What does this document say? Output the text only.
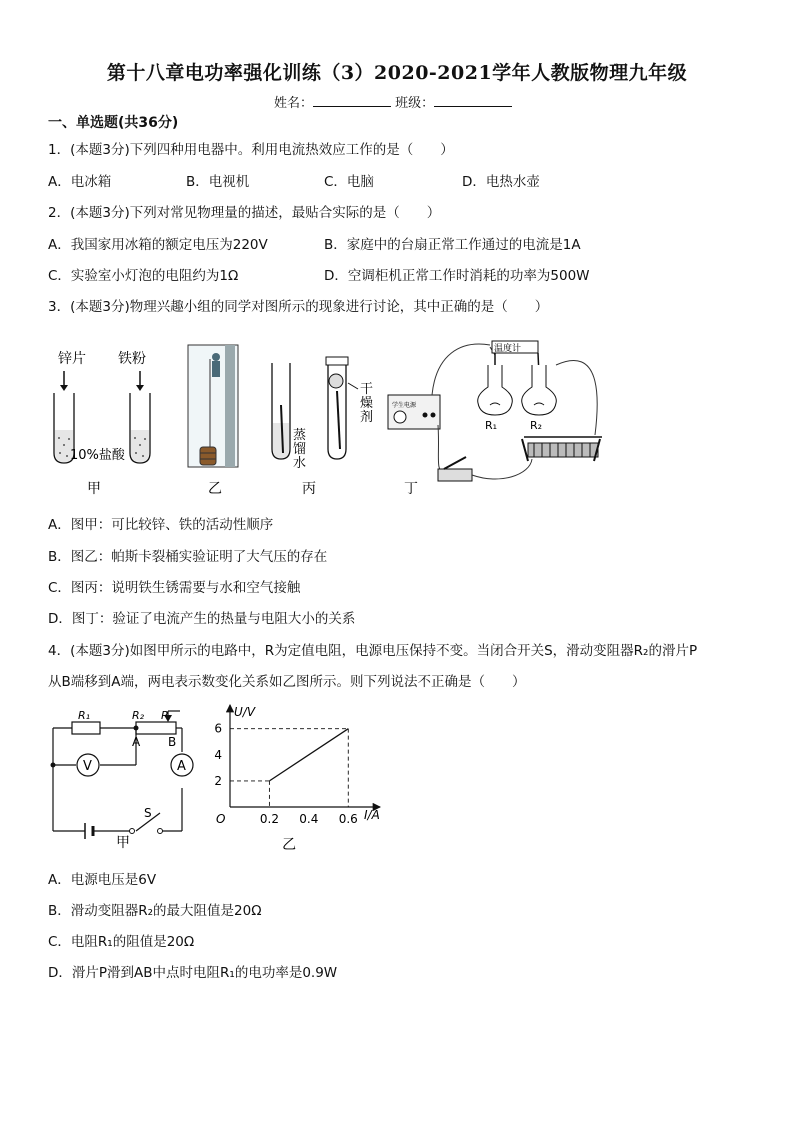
第十八章电功率强化训练（3）2020-2021学年人教版物理九年级
姓名：	班级：
一、单选题(共36分)
1．(本题3分)下列四种用电器中。利用电流热效应工作的是（　　）
A．电冰箱	B．电视机	C．电脑	D．电热水壶
2．(本题3分)下列对常见物理量的描述，最贴合实际的是（　　）
A．我国家用冰箱的额定电压为220V	B．家庭中的台扇正常工作通过的电流是1A
C．实验室小灯泡的电阻约为1Ω	D．空调柜机正常工作时消耗的功率为500W
3．(本题3分)物理兴趣小组的同学对图所示的现象进行讨论，其中正确的是（　　）
锌片 铁粉
10%盐酸
甲	乙
蒸
馏
水
干
燥
剂
丙
学生电源
温度计
R₁	R₂
丁
A．图甲：可比较锌、铁的活动性顺序
B．图乙：帕斯卡裂桶实验证明了大气压的存在
C．图丙：说明铁生锈需要与水和空气接触
D．图丁：验证了电流产生的热量与电阻大小的关系
4．(本题3分)如图甲所示的电路中，R为定值电阻，电源电压保持不变。当闭合开关S，滑动变阻器R₂的滑片P
从B端移到A端，两电表示数变化关系如乙图所示。则下列说法不正确是（　　）
V	A
R₁	R₂ P
A B
S
甲
U/V
I/A
O	0.2 0.4 0.6
2
4
6
乙
A．电源电压是6V
B．滑动变阻器R₂的最大阻值是20Ω
C．电阻R₁的阻值是20Ω
D．滑片P滑到AB中点时电阻R₁的电功率是0.9W
